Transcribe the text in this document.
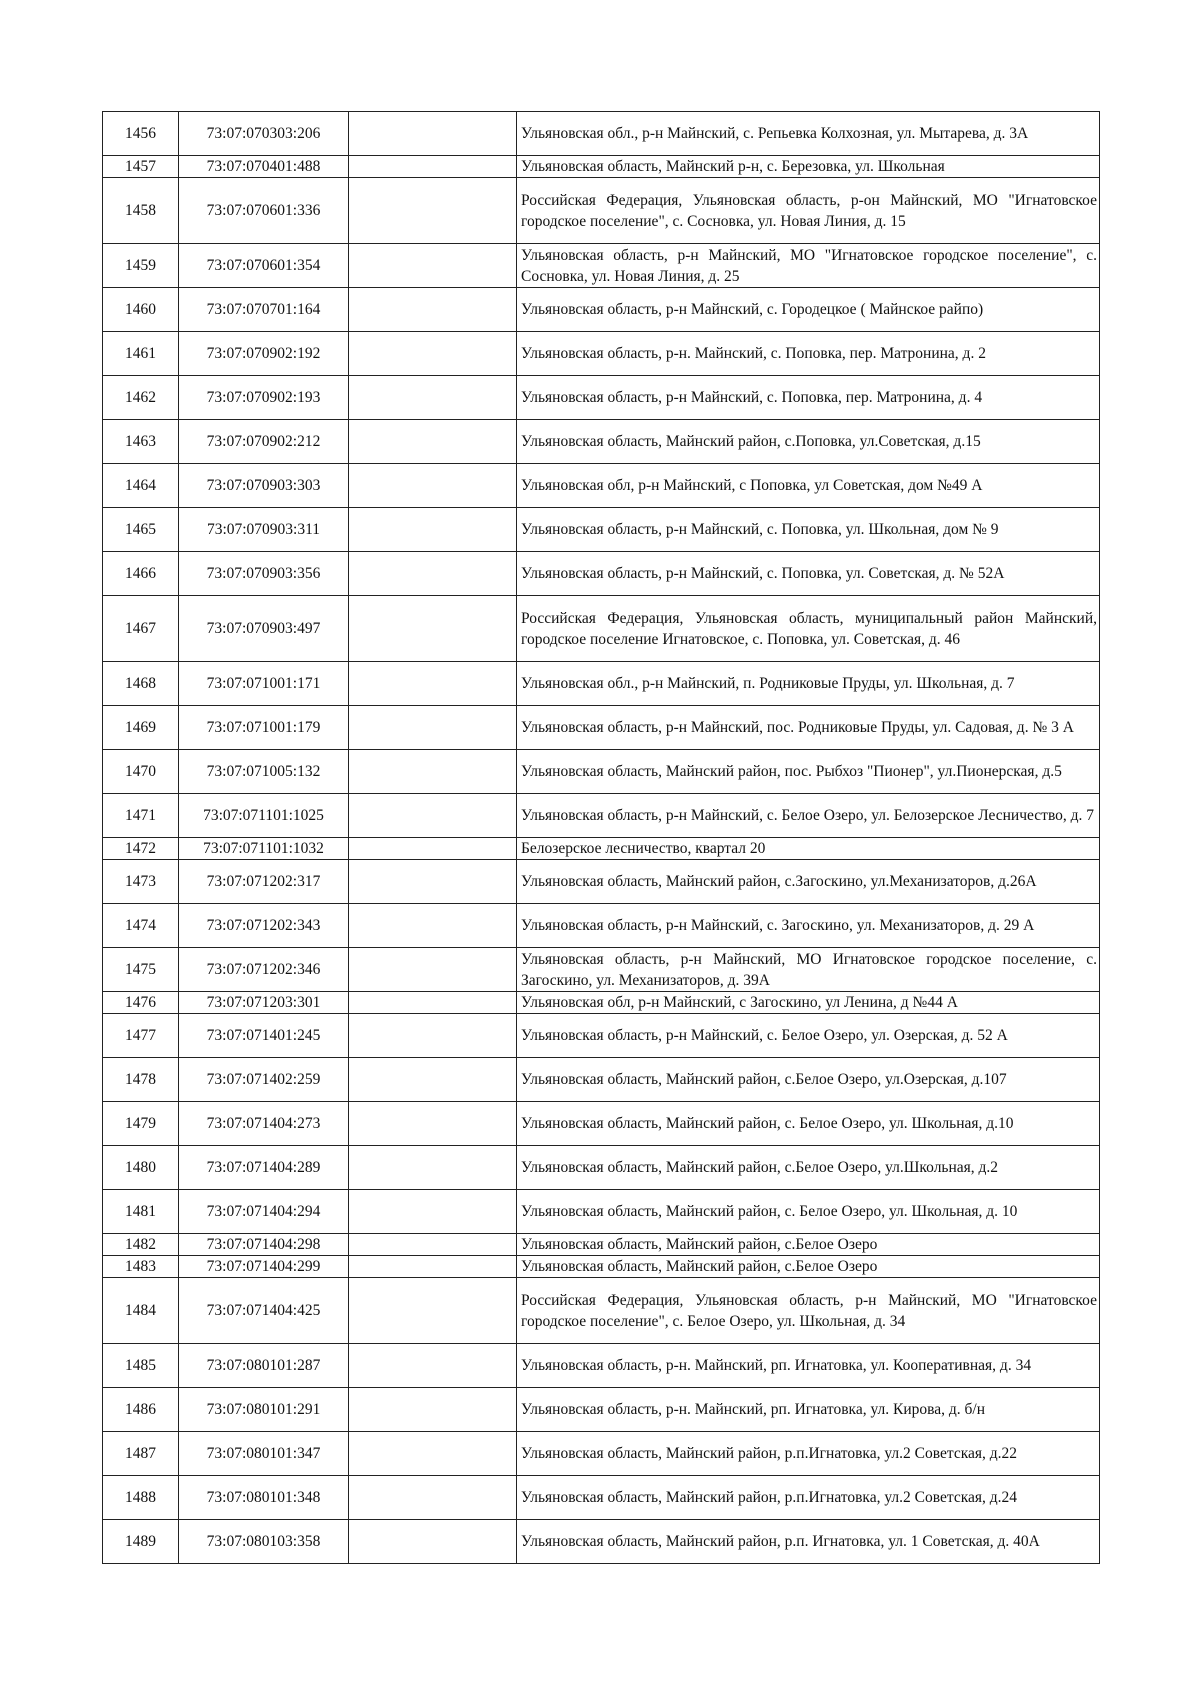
1456	73:07:070303:206		Ульяновская обл., р-н Майнский, с. Репьевка Колхозная, ул. Мытарева, д. 3А
1457	73:07:070401:488		Ульяновская область, Майнский р-н, с. Березовка, ул. Школьная
1458	73:07:070601:336		Российская Федерация, Ульяновская область, р-он Майнский, МО "Игнатовское городское поселение", с. Сосновка, ул. Новая Линия, д. 15
1459	73:07:070601:354		Ульяновская область, р-н Майнский, МО "Игнатовское городское поселение", с. Сосновка, ул. Новая Линия, д. 25
1460	73:07:070701:164		Ульяновская область, р-н Майнский, с. Городецкое ( Майнское райпо)
1461	73:07:070902:192		Ульяновская область, р-н. Майнский, с. Поповка, пер. Матронина, д. 2
1462	73:07:070902:193		Ульяновская область, р-н Майнский, с. Поповка, пер. Матронина, д. 4
1463	73:07:070902:212		Ульяновская область, Майнский район, с.Поповка, ул.Советская, д.15
1464	73:07:070903:303		Ульяновская обл, р-н Майнский, с Поповка, ул Советская, дом №49 А
1465	73:07:070903:311		Ульяновская область, р-н Майнский, с. Поповка, ул. Школьная, дом № 9
1466	73:07:070903:356		Ульяновская область, р-н Майнский, с. Поповка, ул. Советская, д. № 52А
1467	73:07:070903:497		Российская Федерация, Ульяновская область, муниципальный район Майнский, городское поселение Игнатовское, с. Поповка, ул. Советская, д. 46
1468	73:07:071001:171		Ульяновская обл., р-н Майнский, п. Родниковые Пруды, ул. Школьная, д. 7
1469	73:07:071001:179		Ульяновская область, р-н Майнский, пос. Родниковые Пруды, ул. Садовая, д. № 3 А
1470	73:07:071005:132		Ульяновская область, Майнский район, пос. Рыбхоз "Пионер", ул.Пионерская, д.5
1471	73:07:071101:1025		Ульяновская область, р-н Майнский, с. Белое Озеро, ул. Белозерское Лесничество, д. 7
1472	73:07:071101:1032		Белозерское лесничество, квартал 20
1473	73:07:071202:317		Ульяновская область, Майнский район, с.Загоскино, ул.Механизаторов, д.26А
1474	73:07:071202:343		Ульяновская область, р-н Майнский, с. Загоскино, ул. Механизаторов, д. 29 А
1475	73:07:071202:346		Ульяновская область, р-н Майнский, МО Игнатовское городское поселение, с. Загоскино, ул. Механизаторов, д. 39А
1476	73:07:071203:301		Ульяновская обл, р-н Майнский, с Загоскино, ул Ленина, д №44 А
1477	73:07:071401:245		Ульяновская область, р-н Майнский, с. Белое Озеро, ул. Озерская, д. 52 А
1478	73:07:071402:259		Ульяновская область, Майнский район, с.Белое Озеро, ул.Озерская, д.107
1479	73:07:071404:273		Ульяновская область, Майнский район, с. Белое Озеро, ул. Школьная, д.10
1480	73:07:071404:289		Ульяновская область, Майнский район, с.Белое Озеро, ул.Школьная, д.2
1481	73:07:071404:294		Ульяновская область, Майнский район, с. Белое Озеро, ул. Школьная, д. 10
1482	73:07:071404:298		Ульяновская область, Майнский район, с.Белое Озеро
1483	73:07:071404:299		Ульяновская область, Майнский район, с.Белое Озеро
1484	73:07:071404:425		Российская Федерация, Ульяновская область, р-н Майнский, МО "Игнатовское городское поселение", с. Белое Озеро, ул. Школьная, д. 34
1485	73:07:080101:287		Ульяновская область, р-н. Майнский, рп. Игнатовка, ул. Кооперативная, д. 34
1486	73:07:080101:291		Ульяновская область, р-н. Майнский, рп. Игнатовка, ул. Кирова, д. б/н
1487	73:07:080101:347		Ульяновская область, Майнский район, р.п.Игнатовка, ул.2 Советская, д.22
1488	73:07:080101:348		Ульяновская область, Майнский район, р.п.Игнатовка, ул.2 Советская, д.24
1489	73:07:080103:358		Ульяновская область, Майнский район, р.п. Игнатовка, ул. 1 Советская, д. 40А
